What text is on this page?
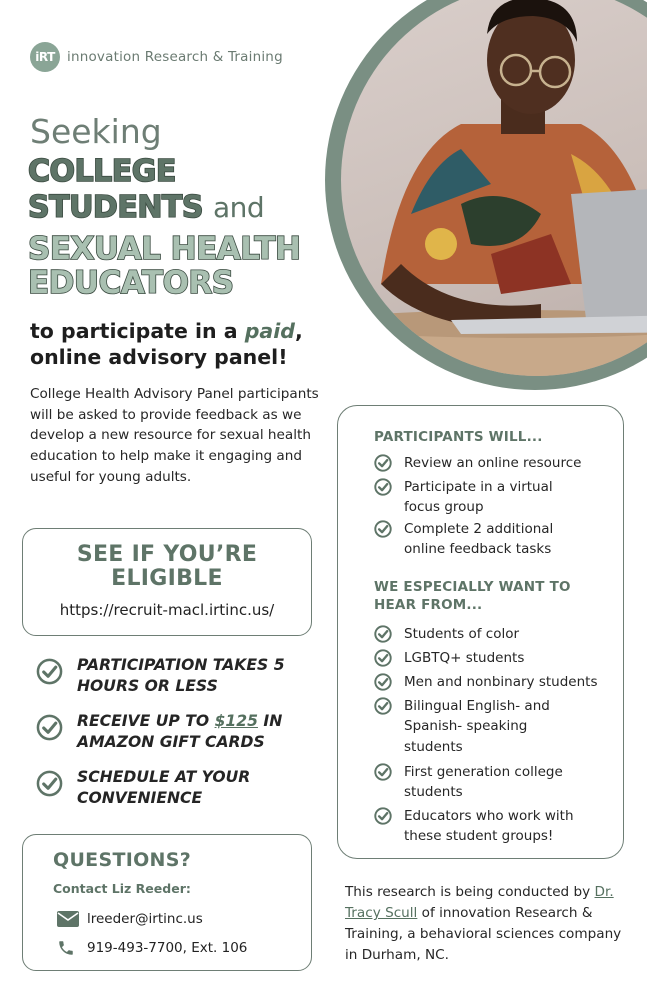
iRT innovation Research & Training
Seeking
COLLEGE
STUDENTS and
SEXUAL HEALTH
EDUCATORS
to participate in a paid,
online advisory panel!
College Health Advisory Panel participants will be asked to provide feedback as we develop a new resource for sexual health education to help make it engaging and useful for young adults.
SEE IF YOU’RE
ELIGIBLE
https://recruit-macl.irtinc.us/
PARTICIPATION TAKES 5 HOURS OR LESS
RECEIVE UP TO $125 IN AMAZON GIFT CARDS
SCHEDULE AT YOUR CONVENIENCE
QUESTIONS?
Contact Liz Reeder:
lreeder@irtinc.us
919-493-7700, Ext. 106
PARTICIPANTS WILL...
Review an online resource
Participate in a virtual focus group
Complete 2 additional online feedback tasks
WE ESPECIALLY WANT TO HEAR FROM...
Students of color
LGBTQ+ students
Men and nonbinary students
Bilingual English- and Spanish- speaking students
First generation college students
Educators who work with these student groups!
This research is being conducted by Dr. Tracy Scull of innovation Research & Training, a behavioral sciences company in Durham, NC.
